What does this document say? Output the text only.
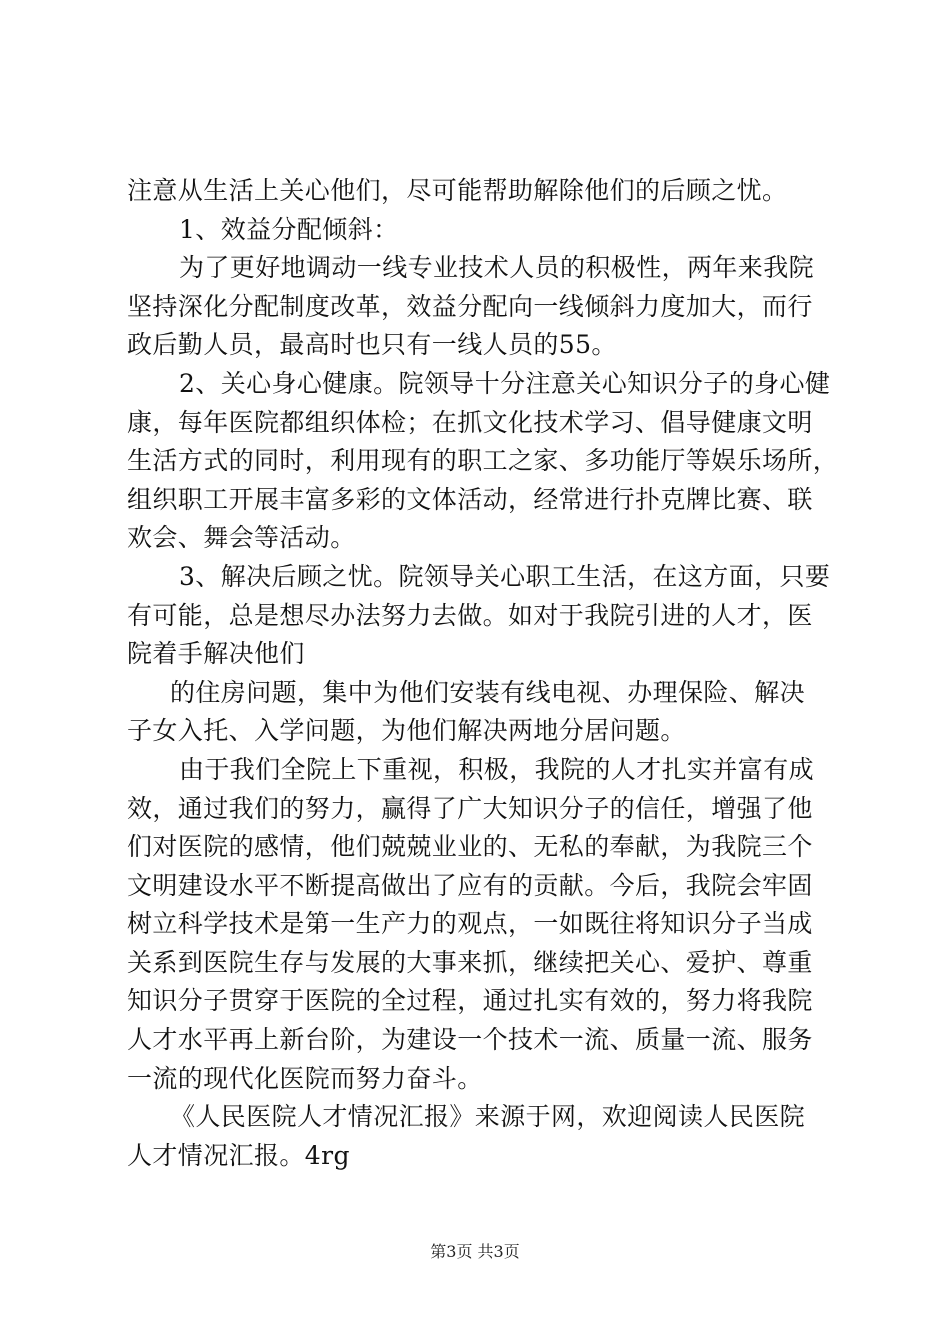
注意从生活上关心他们，尽可能帮助解除他们的后顾之忧。
1、效益分配倾斜：
为了更好地调动一线专业技术人员的积极性，两年来我院
坚持深化分配制度改革，效益分配向一线倾斜力度加大，而行
政后勤人员，最高时也只有一线人员的55。
2、关心身心健康。院领导十分注意关心知识分子的身心健
康，每年医院都组织体检；在抓文化技术学习、倡导健康文明
生活方式的同时，利用现有的职工之家、多功能厅等娱乐场所，
组织职工开展丰富多彩的文体活动，经常进行扑克牌比赛、联
欢会、舞会等活动。
3、解决后顾之忧。院领导关心职工生活，在这方面，只要
有可能，总是想尽办法努力去做。如对于我院引进的人才，医
院着手解决他们
的住房问题，集中为他们安装有线电视、办理保险、解决
子女入托、入学问题，为他们解决两地分居问题。
由于我们全院上下重视，积极，我院的人才扎实并富有成
效，通过我们的努力，赢得了广大知识分子的信任，增强了他
们对医院的感情，他们兢兢业业的、无私的奉献，为我院三个
文明建设水平不断提高做出了应有的贡献。今后，我院会牢固
树立科学技术是第一生产力的观点，一如既往将知识分子当成
关系到医院生存与发展的大事来抓，继续把关心、爱护、尊重
知识分子贯穿于医院的全过程，通过扎实有效的，努力将我院
人才水平再上新台阶，为建设一个技术一流、质量一流、服务
一流的现代化医院而努力奋斗。
《人民医院人才情况汇报》来源于网，欢迎阅读人民医院
人才情况汇报。4rg
第3页 共3页
